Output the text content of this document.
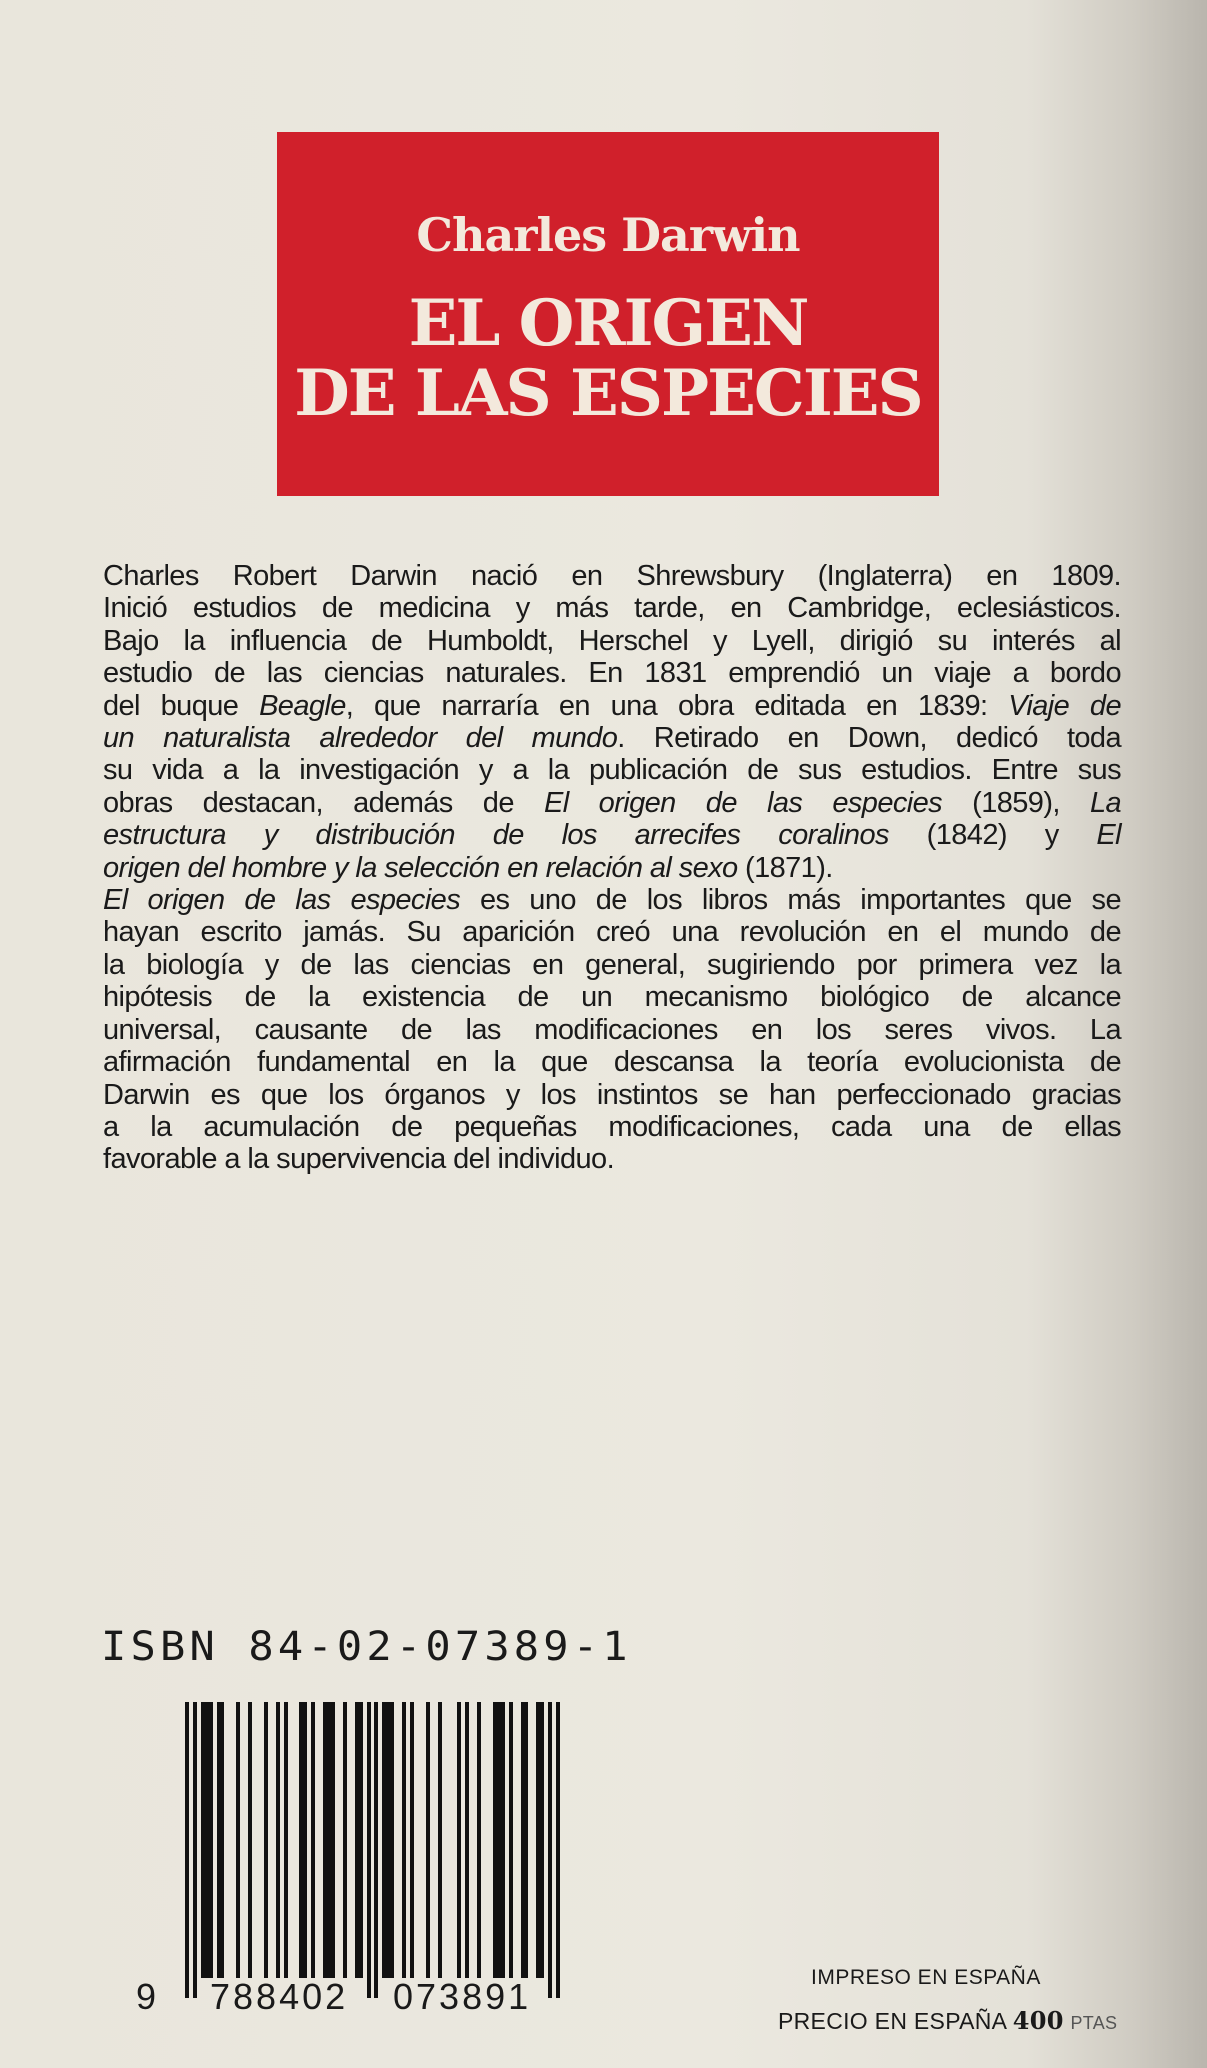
Charles Darwin
EL ORIGEN
DE LAS ESPECIES
Charles Robert Darwin nació en Shrewsbury (Inglaterra) en 1809.
Inició estudios de medicina y más tarde, en Cambridge, eclesiásticos.
Bajo la influencia de Humboldt, Herschel y Lyell, dirigió su interés al
estudio de las ciencias naturales. En 1831 emprendió un viaje a bordo
del buque Beagle, que narraría en una obra editada en 1839: Viaje de
un naturalista alrededor del mundo. Retirado en Down, dedicó toda
su vida a la investigación y a la publicación de sus estudios. Entre sus
obras destacan, además de El origen de las especies (1859), La
estructura y distribución de los arrecifes coralinos (1842) y El
origen del hombre y la selección en relación al sexo (1871).
El origen de las especies es uno de los libros más importantes que se
hayan escrito jamás. Su aparición creó una revolución en el mundo de
la biología y de las ciencias en general, sugiriendo por primera vez la
hipótesis de la existencia de un mecanismo biológico de alcance
universal, causante de las modificaciones en los seres vivos. La
afirmación fundamental en la que descansa la teoría evolucionista de
Darwin es que los órganos y los instintos se han perfeccionado gracias
a la acumulación de pequeñas modificaciones, cada una de ellas
favorable a la supervivencia del individuo.
ISBN 84-02-07389-1
9 788402 073891	IMPRESO EN ESPAÑA
PRECIO EN ESPAÑA 400 PTAS
